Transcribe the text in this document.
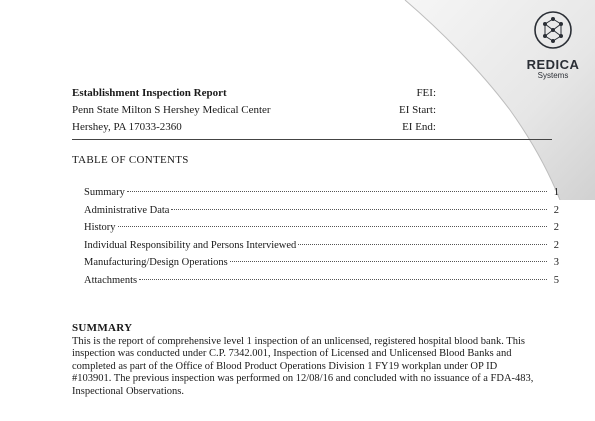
REDICA
Systems
Establishment Inspection Report	FEI:
Penn State Milton S Hershey Medical Center	EI Start:
Hershey, PA 17033-2360	EI End:
TABLE OF CONTENTS
Summary	1
Administrative Data	2
History	2
Individual Responsibility and Persons Interviewed	2
Manufacturing/Design Operations	3
Attachments	5
SUMMARY
This is the report of comprehensive level 1 inspection of an unlicensed, registered hospital blood bank. This
inspection was conducted under C.P. 7342.001, Inspection of Licensed and Unlicensed Blood Banks and
completed as part of the Office of Blood Product Operations Division 1 FY19 workplan under OP ID
#103901. The previous inspection was performed on 12/08/16 and concluded with no issuance of a FDA-483,
Inspectional Observations.
